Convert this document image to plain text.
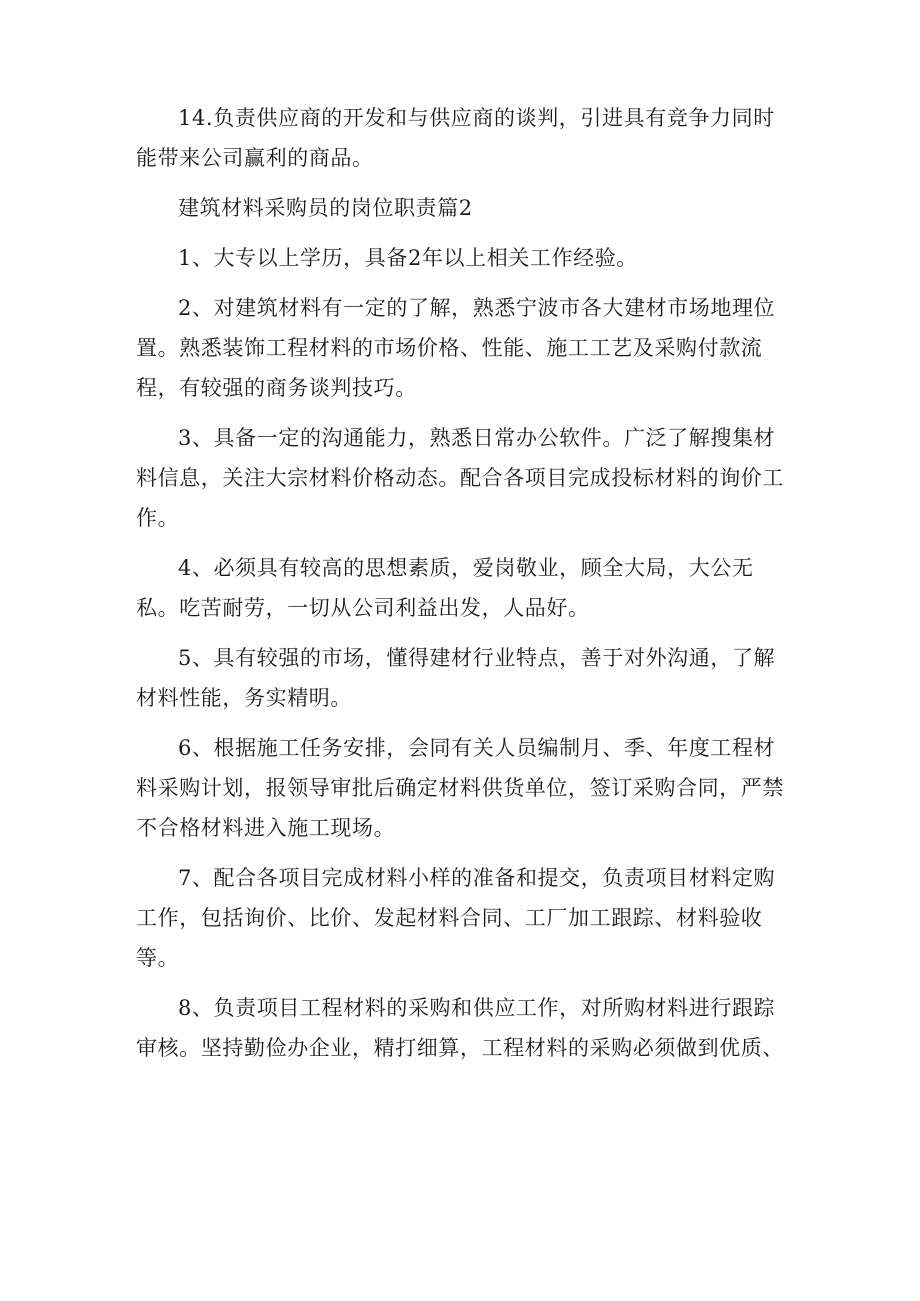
14.负责供应商的开发和与供应商的谈判，引进具有竞争力同时能带来公司赢利的商品。

建筑材料采购员的岗位职责篇2

1、大专以上学历，具备2年以上相关工作经验。

2、对建筑材料有一定的了解，熟悉宁波市各大建材市场地理位置。熟悉装饰工程材料的市场价格、性能、施工工艺及采购付款流程，有较强的商务谈判技巧。

3、具备一定的沟通能力，熟悉日常办公软件。广泛了解搜集材料信息，关注大宗材料价格动态。配合各项目完成投标材料的询价工作。

4、必须具有较高的思想素质，爱岗敬业，顾全大局，大公无私。吃苦耐劳，一切从公司利益出发，人品好。

5、具有较强的市场，懂得建材行业特点，善于对外沟通，了解材料性能，务实精明。

6、根据施工任务安排，会同有关人员编制月、季、年度工程材料采购计划，报领导审批后确定材料供货单位，签订采购合同，严禁不合格材料进入施工现场。

7、配合各项目完成材料小样的准备和提交，负责项目材料定购工作，包括询价、比价、发起材料合同、工厂加工跟踪、材料验收等。

8、负责项目工程材料的采购和供应工作，对所购材料进行跟踪审核。坚持勤俭办企业，精打细算，工程材料的采购必须做到优质、
